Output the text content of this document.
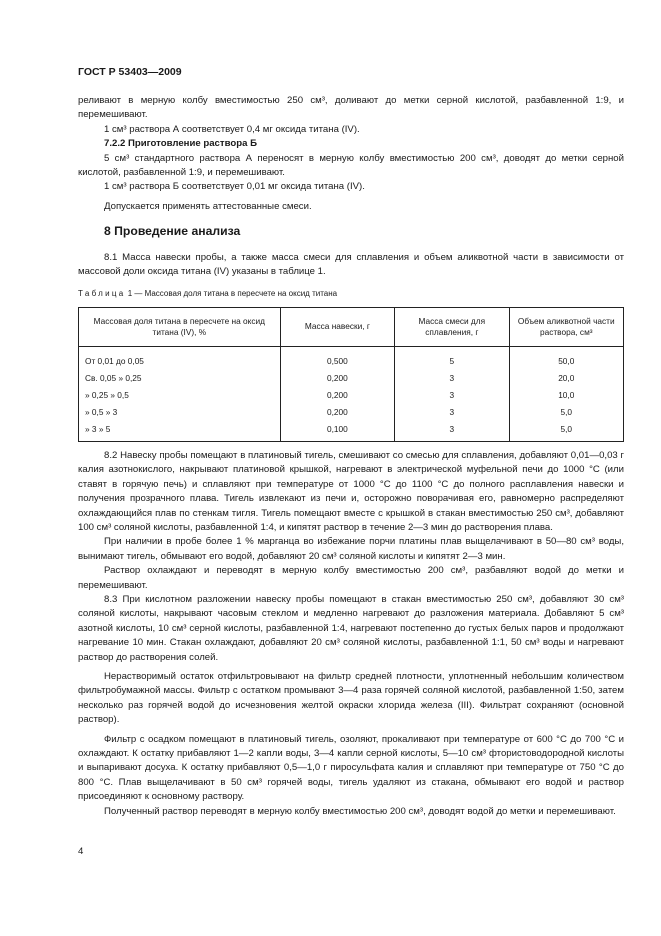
ГОСТ Р 53403—2009

реливают в мерную колбу вместимостью 250 см³, доливают до метки серной кислотой, разбавленной 1:9, и перемешивают.

1 см³ раствора А соответствует 0,4 мг оксида титана (IV).

7.2.2 Приготовление раствора Б

5 см³ стандартного раствора А переносят в мерную колбу вместимостью 200 см³, доводят до метки серной кислотой, разбавленной 1:9, и перемешивают.

1 см³ раствора Б соответствует 0,01 мг оксида титана (IV).

Допускается применять аттестованные смеси.

8 Проведение анализа

8.1 Масса навески пробы, а также масса смеси для сплавления и объем аликвотной части в зависимости от массовой доли оксида титана (IV) указаны в таблице 1.

Таблица 1 — Массовая доля титана в пересчете на оксид титана

Массовая доля титана в пересчете на оксид титана (IV), %	Масса навески, г	Масса смеси для сплавления, г	Объем аликвотной части раствора, см³
От 0,01 до 0,05	0,500	5	50,0
Св. 0,05 » 0,25	0,200	3	20,0
» 0,25 » 0,5	0,200	3	10,0
» 0,5 » 3	0,200	3	5,0
» 3 » 5	0,100	3	5,0

8.2 Навеску пробы помещают в платиновый тигель, смешивают со смесью для сплавления, добавляют 0,01—0,03 г калия азотнокислого, накрывают платиновой крышкой, нагревают в электрической муфельной печи до 1000 °С (или ставят в горячую печь) и сплавляют при температуре от 1000 °С до 1100 °С до полного расплавления навески и получения прозрачного плава. Тигель извлекают из печи и, осторожно поворачивая его, равномерно распределяют охлаждающийся плав по стенкам тигля. Тигель помещают вместе с крышкой в стакан вместимостью 250 см³, добавляют 100 см³ соляной кислоты, разбавленной 1:4, и кипятят раствор в течение 2—3 мин до растворения плава.

При наличии в пробе более 1 % марганца во избежание порчи платины плав выщелачивают в 50—80 см³ воды, вынимают тигель, обмывают его водой, добавляют 20 см³ соляной кислоты и кипятят 2—3 мин.

Раствор охлаждают и переводят в мерную колбу вместимостью 200 см³, разбавляют водой до метки и перемешивают.

8.3 При кислотном разложении навеску пробы помещают в стакан вместимостью 250 см³, добавляют 30 см³ соляной кислоты, накрывают часовым стеклом и медленно нагревают до разложения материала. Добавляют 5 см³ азотной кислоты, 10 см³ серной кислоты, разбавленной 1:4, нагревают постепенно до густых белых паров и продолжают нагревание 10 мин. Стакан охлаждают, добавляют 20 см³ соляной кислоты, разбавленной 1:1, 50 см³ воды и нагревают раствор до растворения солей.

Нерастворимый остаток отфильтровывают на фильтр средней плотности, уплотненный небольшим количеством фильтробумажной массы. Фильтр с остатком промывают 3—4 раза горячей соляной кислотой, разбавленной 1:50, затем несколько раз горячей водой до исчезновения желтой окраски хлорида железа (III). Фильтрат сохраняют (основной раствор).

Фильтр с осадком помещают в платиновый тигель, озоляют, прокаливают при температуре от 600 °С до 700 °С и охлаждают. К остатку прибавляют 1—2 капли воды, 3—4 капли серной кислоты, 5—10 см³ фтористоводородной кислоты и выпаривают досуха. К остатку прибавляют 0,5—1,0 г пиросульфата калия и сплавляют при температуре от 750 °С до 800 °С. Плав выщелачивают в 50 см³ горячей воды, тигель удаляют из стакана, обмывают его водой и раствор присоединяют к основному раствору.

Полученный раствор переводят в мерную колбу вместимостью 200 см³, доводят водой до метки и перемешивают.

4
